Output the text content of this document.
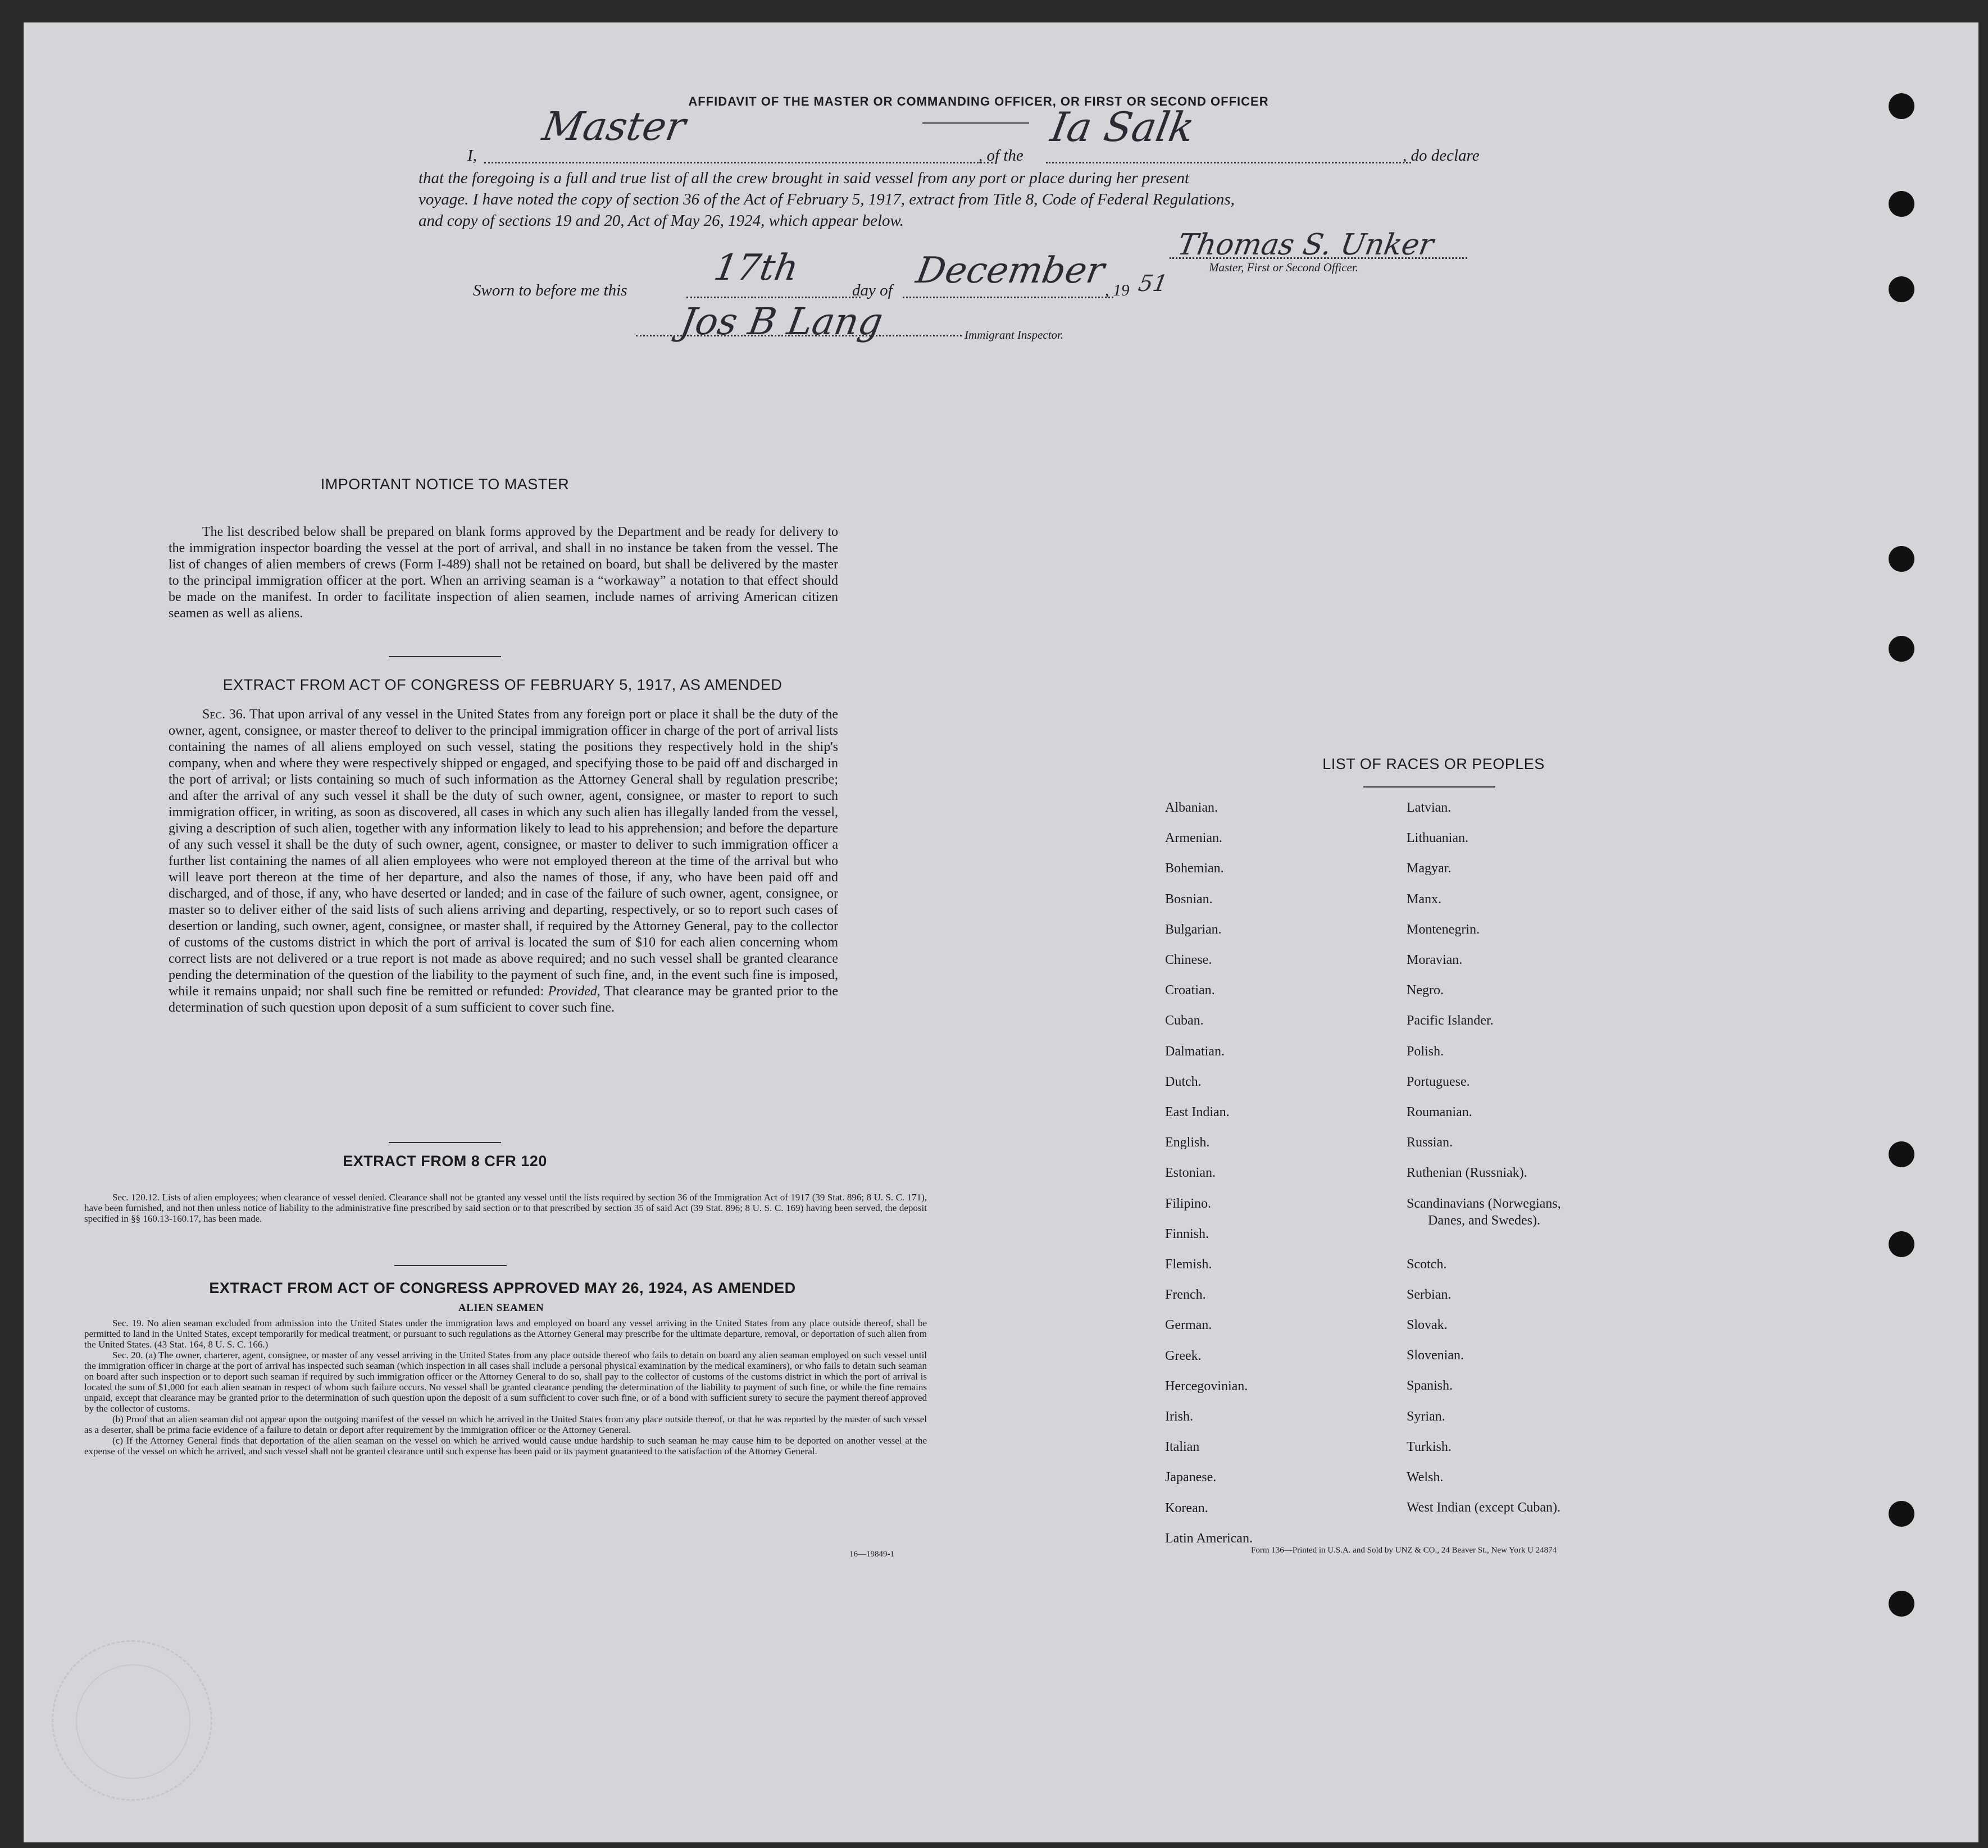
AFFIDAVIT OF THE MASTER OR COMMANDING OFFICER, OR FIRST OR SECOND OFFICER
I,
Master
, of the
Ia Salk
, do declare
that the foregoing is a full and true list of all the crew brought in said vessel from any port or place during her present
voyage. I have noted the copy of section 36 of the Act of February 5, 1917, extract from Title 8, Code of Federal Regulations,
and copy of sections 19 and 20, Act of May 26, 1924, which appear below.
Thomas S. Unker
Master, First or Second Officer.
Sworn to before me this
17th
day of December
, 19 51
Jos B Lang	Immigrant Inspector.
IMPORTANT NOTICE TO MASTER
The list described below shall be prepared on blank forms approved by the Department and be ready for delivery to the immigration inspector boarding the vessel at the port of arrival, and shall in no instance be taken from the vessel. The list of changes of alien members of crews (Form I-489) shall not be retained on board, but shall be delivered by the master to the principal immigration officer at the port. When an arriving seaman is a “workaway” a notation to that effect should be made on the manifest. In order to facilitate inspection of alien seamen, include names of arriving American citizen seamen as well as aliens.
EXTRACT FROM ACT OF CONGRESS OF FEBRUARY 5, 1917, AS AMENDED
Sec. 36. That upon arrival of any vessel in the United States from any foreign port or place it shall be the duty of the owner, agent, consignee, or master thereof to deliver to the principal immigration officer in charge of the port of arrival lists containing the names of all aliens employed on such vessel, stating the positions they respectively hold in the ship's company, when and where they were respectively shipped or engaged, and specifying those to be paid off and discharged in the port of arrival; or lists containing so much of such information as the Attorney General shall by regulation prescribe; and after the arrival of any such vessel it shall be the duty of such owner, agent, consignee, or master to report to such immigration officer, in writing, as soon as discovered, all cases in which any such alien has illegally landed from the vessel, giving a description of such alien, together with any information likely to lead to his apprehension; and before the departure of any such vessel it shall be the duty of such owner, agent, consignee, or master to deliver to such immigration officer a further list containing the names of all alien employees who were not employed thereon at the time of the arrival but who will leave port thereon at the time of her departure, and also the names of those, if any, who have been paid off and discharged, and of those, if any, who have deserted or landed; and in case of the failure of such owner, agent, consignee, or master so to deliver either of the said lists of such aliens arriving and departing, respectively, or so to report such cases of desertion or landing, such owner, agent, consignee, or master shall, if required by the Attorney General, pay to the collector of customs of the customs district in which the port of arrival is located the sum of $10 for each alien concerning whom correct lists are not delivered or a true report is not made as above required; and no such vessel shall be granted clearance pending the determination of the question of the liability to the payment of such fine, and, in the event such fine is imposed, while it remains unpaid; nor shall such fine be remitted or refunded: Provided, That clearance may be granted prior to the determination of such question upon deposit of a sum sufficient to cover such fine.
EXTRACT FROM 8 CFR 120
Sec. 120.12. Lists of alien employees; when clearance of vessel denied. Clearance shall not be granted any vessel until the lists required by section 36 of the Immigration Act of 1917 (39 Stat. 896; 8 U. S. C. 171), have been furnished, and not then unless notice of liability to the administrative fine prescribed by said section or to that prescribed by section 35 of said Act (39 Stat. 896; 8 U. S. C. 169) having been served, the deposit specified in §§ 160.13-160.17, has been made.
EXTRACT FROM ACT OF CONGRESS APPROVED MAY 26, 1924, AS AMENDED
ALIEN SEAMEN
Sec. 19. No alien seaman excluded from admission into the United States under the immigration laws and employed on board any vessel arriving in the United States from any place outside thereof, shall be permitted to land in the United States, except temporarily for medical treatment, or pursuant to such regulations as the Attorney General may prescribe for the ultimate departure, removal, or deportation of such alien from the United States. (43 Stat. 164, 8 U. S. C. 166.)
Sec. 20. (a) The owner, charterer, agent, consignee, or master of any vessel arriving in the United States from any place outside thereof who fails to detain on board any alien seaman employed on such vessel until the immigration officer in charge at the port of arrival has inspected such seaman (which inspection in all cases shall include a personal physical examination by the medical examiners), or who fails to detain such seaman on board after such inspection or to deport such seaman if required by such immigration officer or the Attorney General to do so, shall pay to the collector of customs of the customs district in which the port of arrival is located the sum of $1,000 for each alien seaman in respect of whom such failure occurs. No vessel shall be granted clearance pending the determination of the liability to payment of such fine, or while the fine remains unpaid, except that clearance may be granted prior to the determination of such question upon the deposit of a sum sufficient to cover such fine, or of a bond with sufficient surety to secure the payment thereof approved by the collector of customs.
(b) Proof that an alien seaman did not appear upon the outgoing manifest of the vessel on which he arrived in the United States from any place outside thereof, or that he was reported by the master of such vessel as a deserter, shall be prima facie evidence of a failure to detain or deport after requirement by the immigration officer or the Attorney General.
(c) If the Attorney General finds that deportation of the alien seaman on the vessel on which he arrived would cause undue hardship to such seaman he may cause him to be deported on another vessel at the expense of the vessel on which he arrived, and such vessel shall not be granted clearance until such expense has been paid or its payment guaranteed to the satisfaction of the Attorney General.
16—19849-1
LIST OF RACES OR PEOPLES
Form 136—Printed in U.S.A. and Sold by UNZ & CO., 24 Beaver St., New York U 24874
Albanian.
Armenian.
Bohemian.
Bosnian.
Bulgarian.
Chinese.
Croatian.
Cuban.
Dalmatian.
Dutch.
East Indian.
English.
Estonian.
Filipino.
Finnish.
Flemish.
French.
German.
Greek.
Hercegovinian.
Irish.
Italian
Japanese.
Korean.
Latin American.
Latvian.
Lithuanian.
Magyar.
Manx.
Montenegrin.
Moravian.
Negro.
Pacific Islander.
Polish.
Portuguese.
Roumanian.
Russian.
Ruthenian (Russniak).
Scandinavians (Norwegians,
Danes, and Swedes).
Scotch.
Serbian.
Slovak.
Slovenian.
Spanish.
Syrian.
Turkish.
Welsh.
West Indian (except Cuban).
